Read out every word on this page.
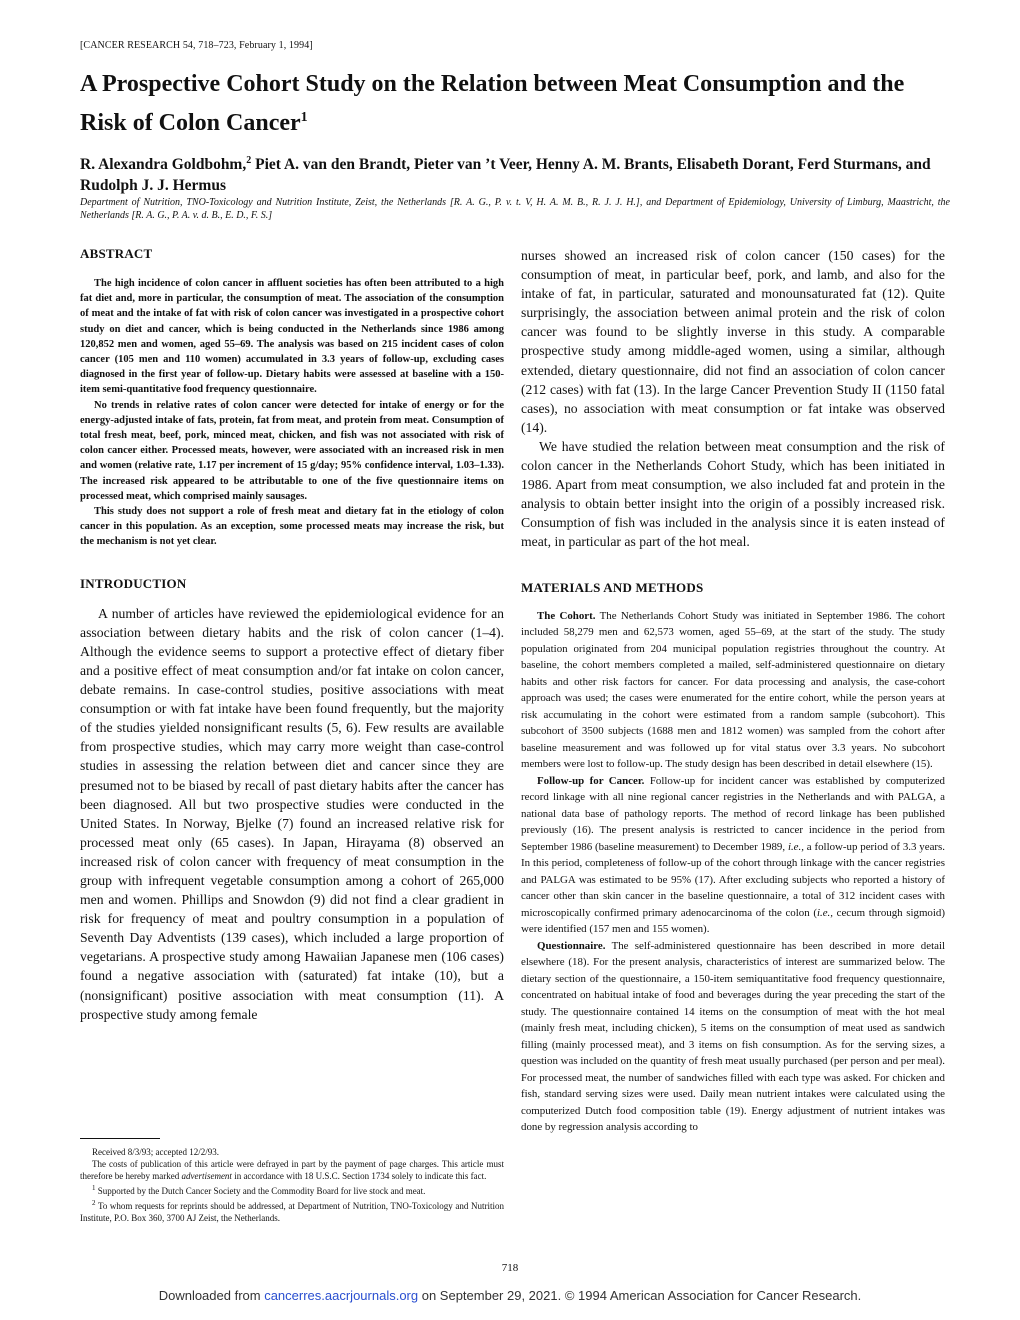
[CANCER RESEARCH 54, 718–723, February 1, 1994]
A Prospective Cohort Study on the Relation between Meat Consumption and the Risk of Colon Cancer$^1$
R. Alexandra Goldbohm,$^2$ Piet A. van den Brandt, Pieter van ’t Veer, Henny A. M. Brants, Elisabeth Dorant, Ferd Sturmans, and Rudolph J. J. Hermus
Department of Nutrition, TNO-Toxicology and Nutrition Institute, Zeist, the Netherlands [R. A. G., P. v. t. V, H. A. M. B., R. J. J. H.], and Department of Epidemiology, University of Limburg, Maastricht, the Netherlands [R. A. G., P. A. v. d. B., E. D., F. S.]
ABSTRACT

The high incidence of colon cancer in affluent societies has often been attributed to a high fat diet and, more in particular, the consumption of meat. The association of the consumption of meat and the intake of fat with risk of colon cancer was investigated in a prospective cohort study on diet and cancer, which is being conducted in the Netherlands since 1986 among 120,852 men and women, aged 55–69. The analysis was based on 215 incident cases of colon cancer (105 men and 110 women) accumulated in 3.3 years of follow-up, excluding cases diagnosed in the first year of follow-up. Dietary habits were assessed at baseline with a 150-item semi-quantitative food frequency questionnaire.

No trends in relative rates of colon cancer were detected for intake of energy or for the energy-adjusted intake of fats, protein, fat from meat, and protein from meat. Consumption of total fresh meat, beef, pork, minced meat, chicken, and fish was not associated with risk of colon cancer either. Processed meats, however, were associated with an increased risk in men and women (relative rate, 1.17 per increment of 15 g/day; 95% confidence interval, 1.03–1.33). The increased risk appeared to be attributable to one of the five questionnaire items on processed meat, which comprised mainly sausages.

This study does not support a role of fresh meat and dietary fat in the etiology of colon cancer in this population. As an exception, some processed meats may increase the risk, but the mechanism is not yet clear.

INTRODUCTION

A number of articles have reviewed the epidemiological evidence for an association between dietary habits and the risk of colon cancer (1–4). Although the evidence seems to support a protective effect of dietary fiber and a positive effect of meat consumption and/or fat intake on colon cancer, debate remains. In case-control studies, positive associations with meat consumption or with fat intake have been found frequently, but the majority of the studies yielded nonsignificant results (5, 6). Few results are available from prospective studies, which may carry more weight than case-control studies in assessing the relation between diet and cancer since they are presumed not to be biased by recall of past dietary habits after the cancer has been diagnosed. All but two prospective studies were conducted in the United States. In Norway, Bjelke (7) found an increased relative risk for processed meat only (65 cases). In Japan, Hirayama (8) observed an increased risk of colon cancer with frequency of meat consumption in the group with infrequent vegetable consumption among a cohort of 265,000 men and women. Phillips and Snowdon (9) did not find a clear gradient in risk for frequency of meat and poultry consumption in a population of Seventh Day Adventists (139 cases), which included a large proportion of vegetarians. A prospective study among Hawaiian Japanese men (106 cases) found a negative association with (saturated) fat intake (10), but a (nonsignificant) positive association with meat consumption (11). A prospective study among female

nurses showed an increased risk of colon cancer (150 cases) for the consumption of meat, in particular beef, pork, and lamb, and also for the intake of fat, in particular, saturated and monounsaturated fat (12). Quite surprisingly, the association between animal protein and the risk of colon cancer was found to be slightly inverse in this study. A comparable prospective study among middle-aged women, using a similar, although extended, dietary questionnaire, did not find an association of colon cancer (212 cases) with fat (13). In the large Cancer Prevention Study II (1150 fatal cases), no association with meat consumption or fat intake was observed (14).

We have studied the relation between meat consumption and the risk of colon cancer in the Netherlands Cohort Study, which has been initiated in 1986. Apart from meat consumption, we also included fat and protein in the analysis to obtain better insight into the origin of a possibly increased risk. Consumption of fish was included in the analysis since it is eaten instead of meat, in particular as part of the hot meal.

MATERIALS AND METHODS

The Cohort. The Netherlands Cohort Study was initiated in September 1986. The cohort included 58,279 men and 62,573 women, aged 55–69, at the start of the study. The study population originated from 204 municipal population registries throughout the country. At baseline, the cohort members completed a mailed, self-administered questionnaire on dietary habits and other risk factors for cancer. For data processing and analysis, the case-cohort approach was used; the cases were enumerated for the entire cohort, while the person years at risk accumulating in the cohort were estimated from a random sample (subcohort). This subcohort of 3500 subjects (1688 men and 1812 women) was sampled from the cohort after baseline measurement and was followed up for vital status over 3.3 years. No subcohort members were lost to follow-up. The study design has been described in detail elsewhere (15).

Follow-up for Cancer. Follow-up for incident cancer was established by computerized record linkage with all nine regional cancer registries in the Netherlands and with PALGA, a national data base of pathology reports. The method of record linkage has been published previously (16). The present analysis is restricted to cancer incidence in the period from September 1986 (baseline measurement) to December 1989, i.e., a follow-up period of 3.3 years. In this period, completeness of follow-up of the cohort through linkage with the cancer registries and PALGA was estimated to be 95% (17). After excluding subjects who reported a history of cancer other than skin cancer in the baseline questionnaire, a total of 312 incident cases with microscopically confirmed primary adenocarcinoma of the colon (i.e., cecum through sigmoid) were identified (157 men and 155 women).

Questionnaire. The self-administered questionnaire has been described in more detail elsewhere (18). For the present analysis, characteristics of interest are summarized below. The dietary section of the questionnaire, a 150-item semiquantitative food frequency questionnaire, concentrated on habitual intake of food and beverages during the year preceding the start of the study. The questionnaire contained 14 items on the consumption of meat with the hot meal (mainly fresh meat, including chicken), 5 items on the consumption of meat used as sandwich filling (mainly processed meat), and 3 items on fish consumption. As for the serving sizes, a question was included on the quantity of fresh meat usually purchased (per person and per meal). For processed meat, the number of sandwiches filled with each type was asked. For chicken and fish, standard serving sizes were used. Daily mean nutrient intakes were calculated using the computerized Dutch food composition table (19). Energy adjustment of nutrient intakes was done by regression analysis according to

Received 8/3/93; accepted 12/2/93.

The costs of publication of this article were defrayed in part by the payment of page charges. This article must therefore be hereby marked advertisement in accordance with 18 U.S.C. Section 1734 solely to indicate this fact.

$^1$ Supported by the Dutch Cancer Society and the Commodity Board for live stock and meat.

$^2$ To whom requests for reprints should be addressed, at Department of Nutrition, TNO-Toxicology and Nutrition Institute, P.O. Box 360, 3700 AJ Zeist, the Netherlands.

718
Downloaded from cancerres.aacrjournals.org on September 29, 2021. © 1994 American Association for Cancer Research.
